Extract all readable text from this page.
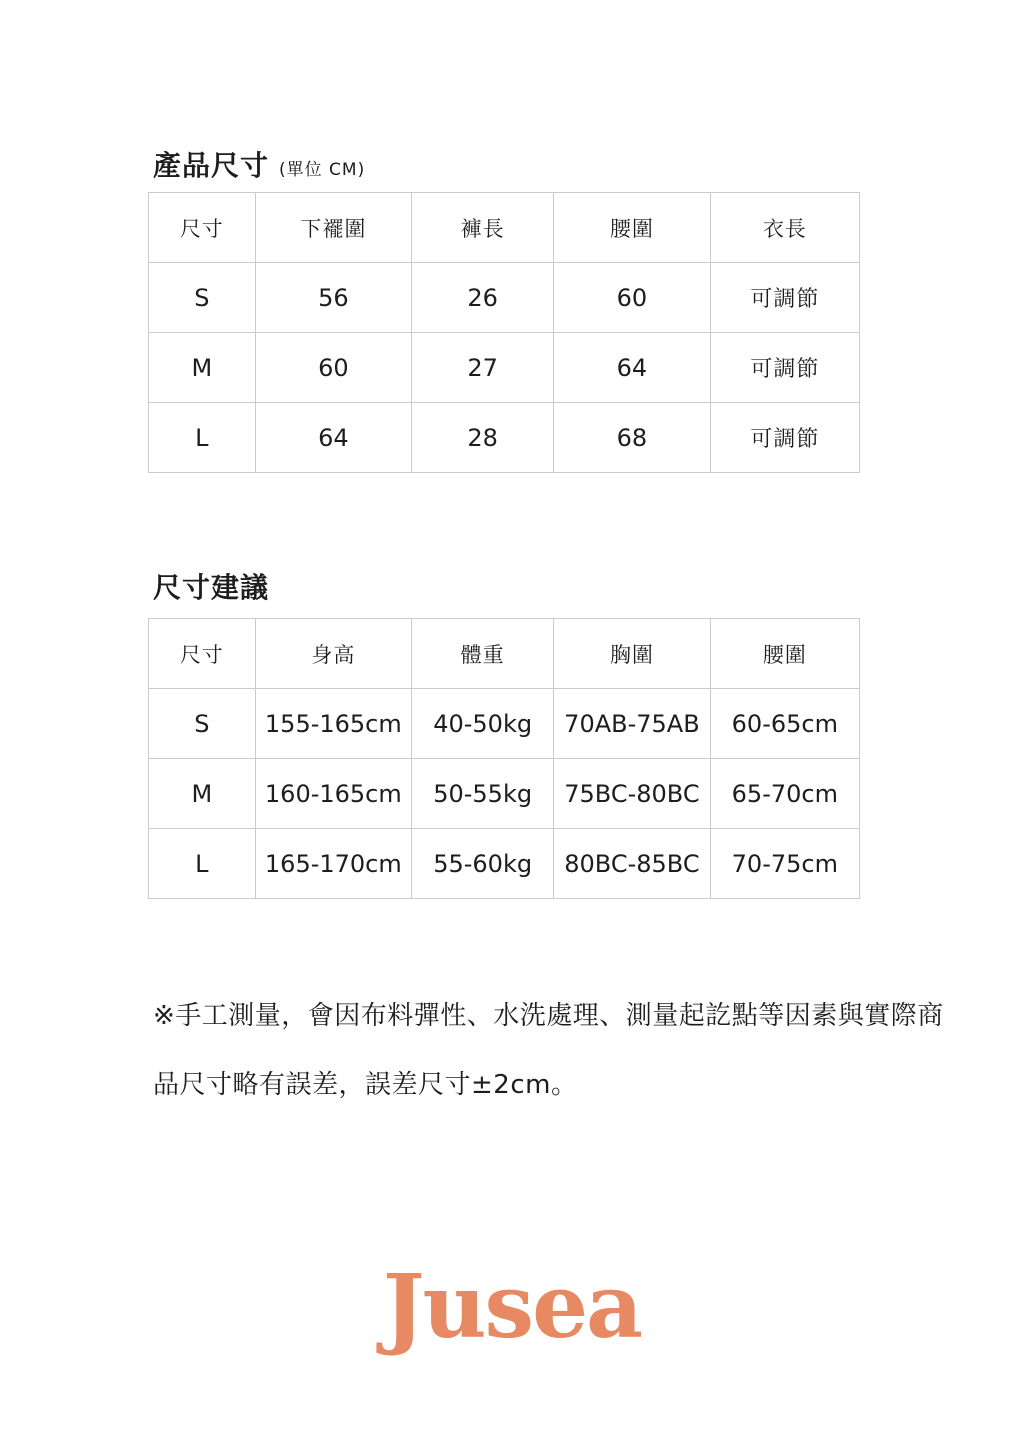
產品尺寸 (單位 CM)
尺寸	下襬圍	褲長	腰圍	衣長
S	56	26	60	可調節
M	60	27	64	可調節
L	64	28	68	可調節
尺寸建議
尺寸	身高	體重	胸圍	腰圍
S	155-165cm	40-50kg	70AB-75AB	60-65cm
M	160-165cm	50-55kg	75BC-80BC	65-70cm
L	165-170cm	55-60kg	80BC-85BC	70-75cm
※手工測量，會因布料彈性、水洗處理、測量起訖點等因素與實際商
品尺寸略有誤差，誤差尺寸±2cm。
Jusea
